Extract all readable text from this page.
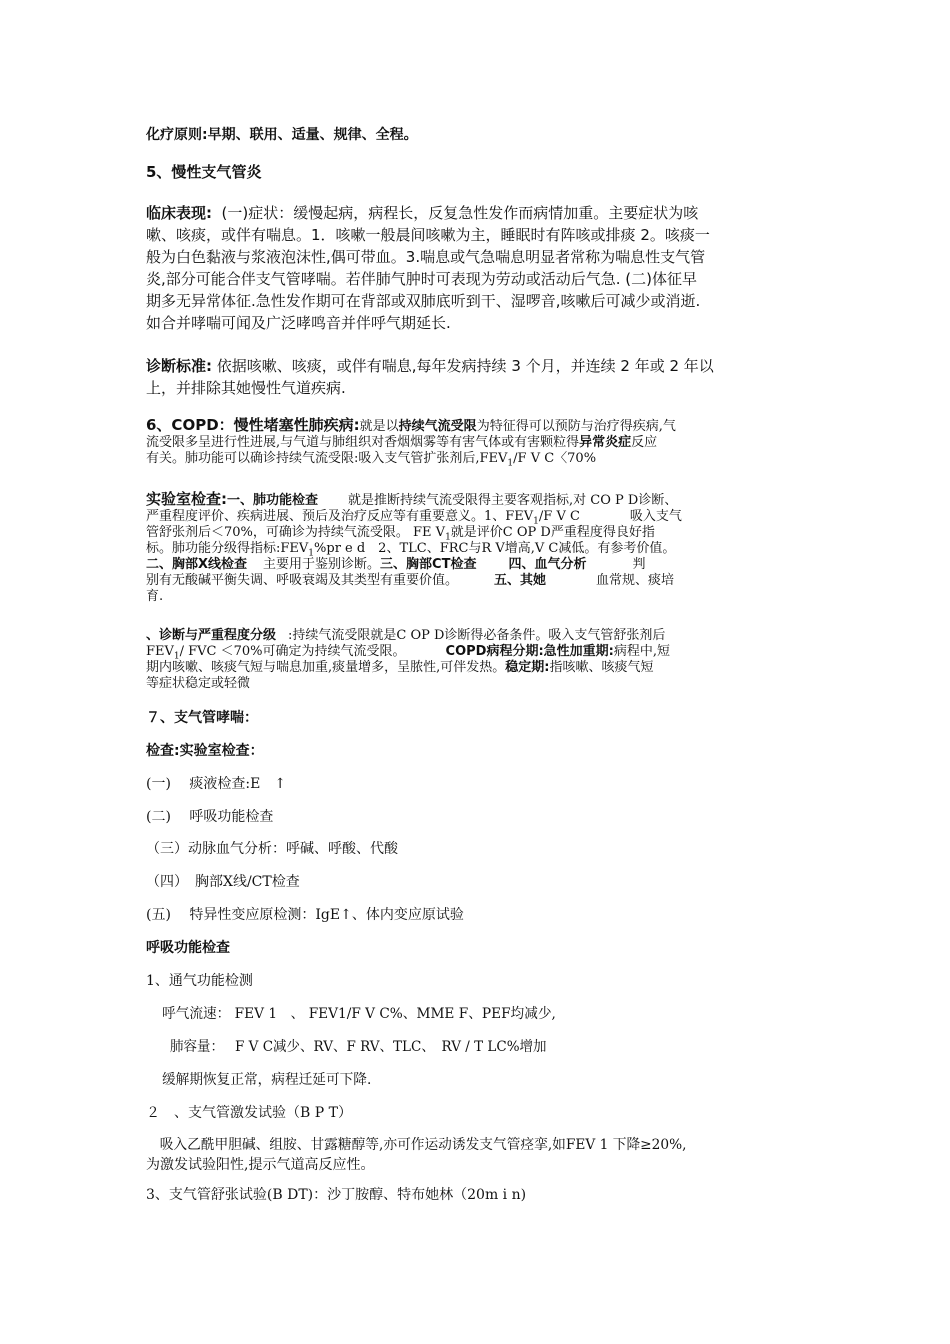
化疗原则:早期、联用、适量、规律、全程。
5、慢性支气管炎
临床表现: (一)症状：缓慢起病，病程长，反复急性发作而病情加重。主要症状为咳
嗽、咳痰，或伴有喘息。1．咳嗽一般晨间咳嗽为主，睡眠时有阵咳或排痰 2。咳痰一
般为白色黏液与浆液泡沫性,偶可带血。3.喘息或气急喘息明显者常称为喘息性支气管
炎,部分可能合伴支气管哮喘。若伴肺气肿时可表现为劳动或活动后气急. (二)体征早
期多无异常体征.急性发作期可在背部或双肺底听到干、湿啰音,咳嗽后可减少或消逝.
如合并哮喘可闻及广泛哮鸣音并伴呼气期延长.
诊断标准: 依据咳嗽、咳痰，或伴有喘息,每年发病持续 3 个月，并连续 2 年或 2 年以
上，并排除其她慢性气道疾病.
6、COPD：慢性堵塞性肺疾病:就是以持续气流受限为特征得可以预防与治疗得疾病,气
流受限多呈进行性进展,与气道与肺组织对香烟烟雾等有害气体或有害颗粒得异常炎症反应
有关。肺功能可以确诊持续气流受限:吸入支气管扩张剂后$,FEV_1/F$ V C〈70%
实验室检查:一、肺功能检查 就是推断持续气流受限得主要客观指标,对 CO P D诊断、
严重程度评价、疾病进展、预后及治疗反应等有重要意义。1、$FEV_1/F$ V C	吸入支气
管舒张剂后＜70%，可确诊为持续气流受限。 FE $V_1$就是评价C OP D严重程度得良好指
标。肺功能分级得指标$:FEV_1\%pr$ e d　2、TLC、FRC与R V增高,V C减低。有参考价值。
二、胸部Ⅹ线检查 主要用于鉴别诊断。三、胸部CT检查 四、血气分析	判
别有无酸碱平衡失调、呼吸衰竭及其类型有重要价值。	五、其她	血常规、痰培
育.
、诊断与严重程度分级 :持续气流受限就是C OP D诊断得必备条件。吸入支气管舒张剂后
$FEV_1/$ FVC ＜70%可确定为持续气流受限。	COPD病程分期:急性加重期:病程中,短
期内咳嗽、咳痰气短与喘息加重,痰量增多，呈脓性,可伴发热。稳定期:指咳嗽、咳痰气短
等症状稳定或轻微
７、支气管哮喘：
检查:实验室检查：
(一)　 痰液检查:E　↑
(二)　 呼吸功能检查
（三）动脉血气分析：呼碱、呼酸、代酸
（四）　胸部Ⅹ线/CT检查
(五)　 特异性变应原检测：IgE↑、体内变应原试验
呼吸功能检查
1、通气功能检测
呼气流速： FEV 1　、 FEV1/F V C%、MME F、PEF均减少,
肺容量：　 F V C减少、RV、F RV、TLC、　RV / T LC%增加
缓解期恢复正常，病程迁延可下降.
２　、支气管激发试验（B P T）
吸入乙酰甲胆碱、组胺、甘露糖醇等,亦可作运动诱发支气管痉挛,如FEV 1 下降≥20%,
为激发试验阳性,提示气道高反应性。
3、支气管舒张试验(B DT)：沙丁胺醇、特布她林（20m i n)
